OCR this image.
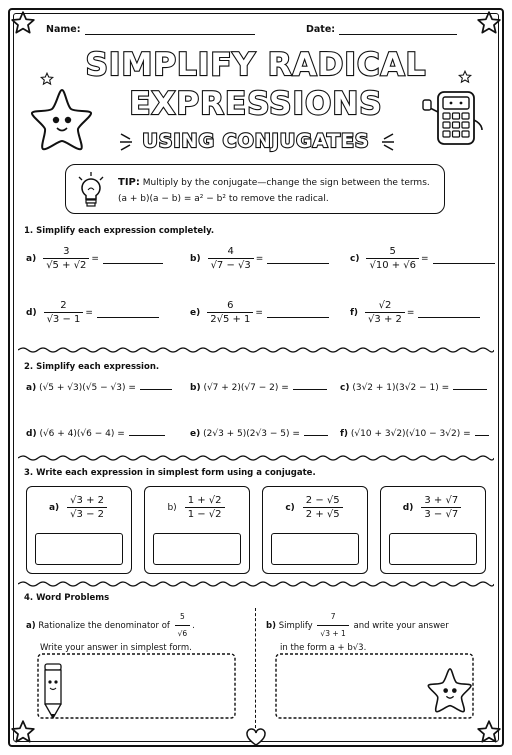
Name:	Date:
SIMPLIFY RADICAL
EXPRESSIONS
USING CONJUGATES
TIP: Multiply by the conjugate—change the sign between the terms.
(a + b)(a − b) = a² − b² to remove the radical.
1. Simplify each expression completely.
$a) \frac{3}{√5 + √2}$ =	$b) \frac{4}{√7 - √3}$ =	$c) \frac{5}{√10 + √6}$ =
$d) \frac{2}{√3 - 1}$ =	$e) \frac{6}{2√5 + 1}$ =	$f) \frac{√2}{√3 + 2}$ =
2. Simplify each expression.
a) (√5 + √3)(√5 − √3) =	b) (√7 + 2)(√7 − 2) =	c) (3√2 + 1)(3√2 − 1) =
d) (√6 + 4)(√6 − 4) =	e) (2√3 + 5)(2√3 − 5) =	f) (√10 + 3√2)(√10 − 3√2) =
3. Write each expression in simplest form using a conjugate.
$a) \frac{√3 + 2}{√3 - 2}$	$b) \frac{1 + √2}{1 - √2}$	$c) \frac{2 - √5}{2 + √5}$	$d) \frac{3 + √7}{3 - √7}$
4. Word Problems
a) Rationalize the denominator of $\frac{5}{√6}$ .
Write your answer in simplest form.
b) Simplify $\frac{7}{√3 + 1}$ and write your answer
in the form a + b√3.
